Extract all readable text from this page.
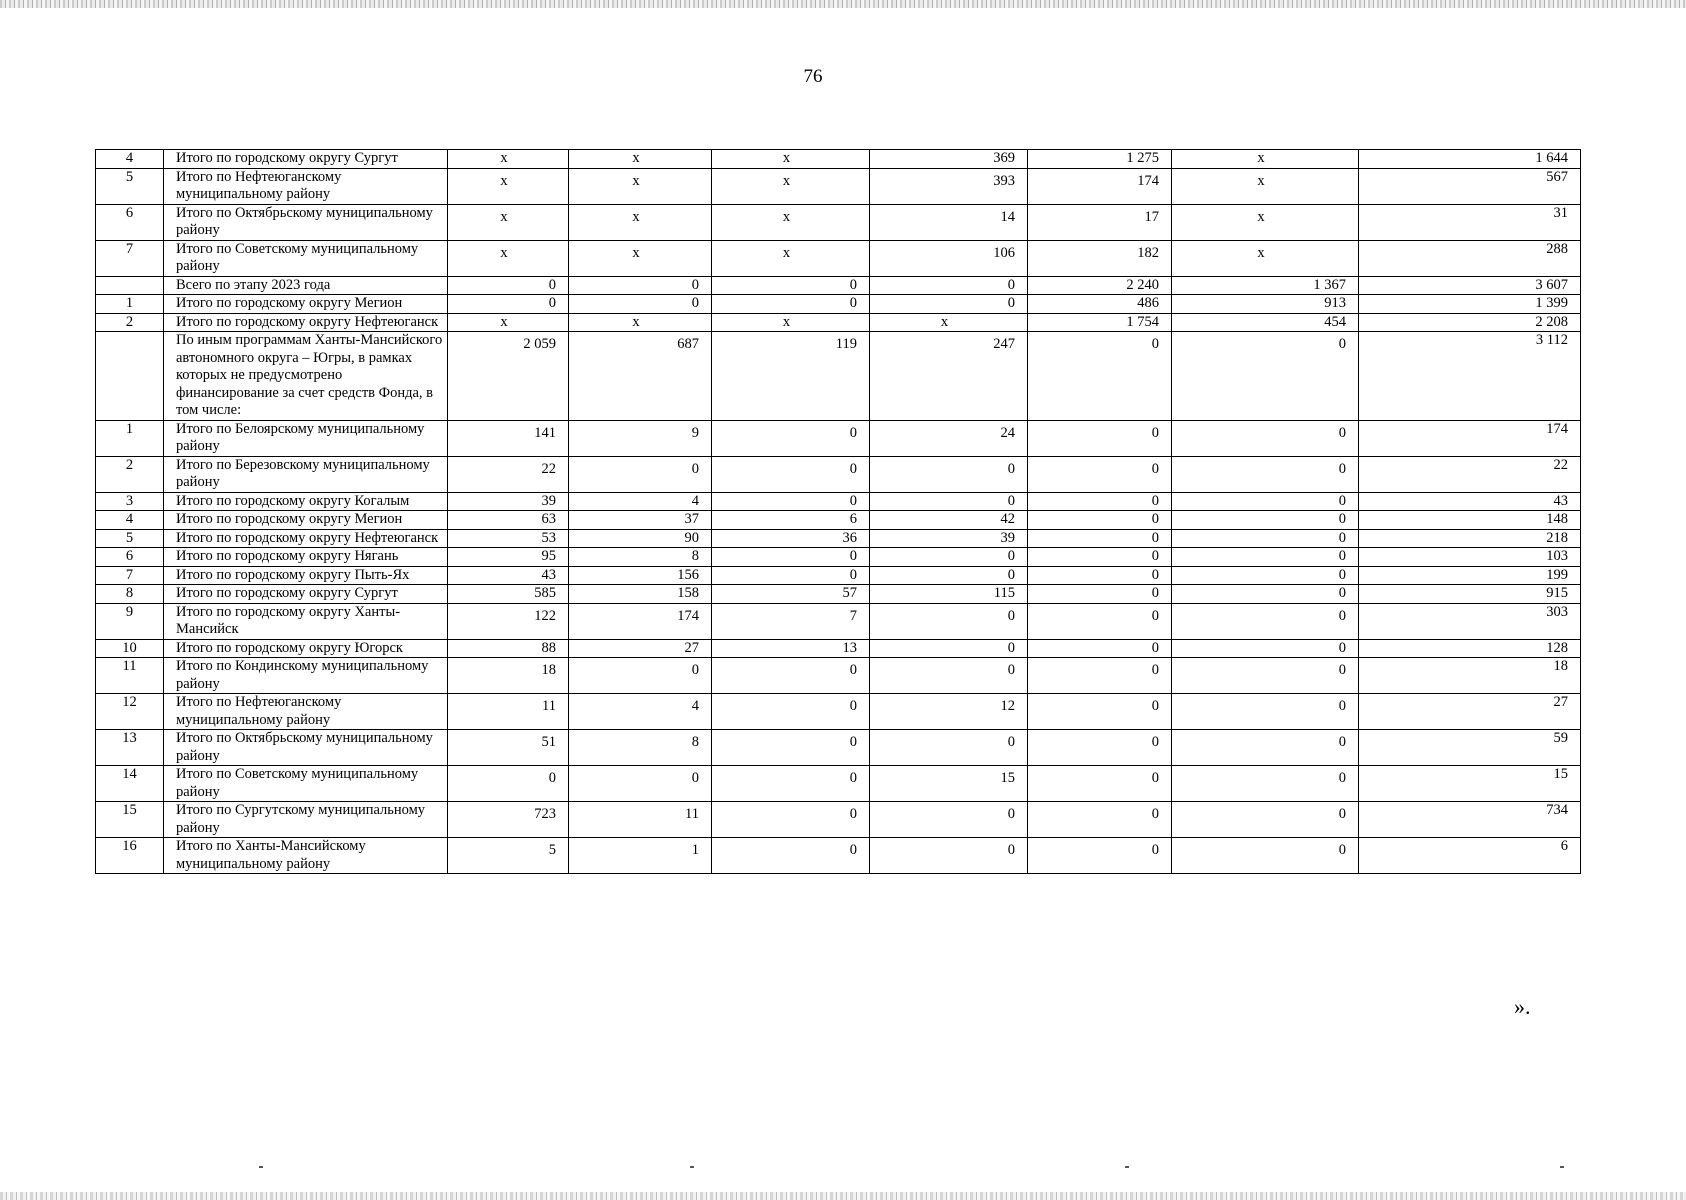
76
4	Итого по городскому округу Сургут	x	x	x	369	1 275	x	1 644
5	Итого по Нефтеюганскому муниципальному району	x	x	x	393	174	x	567
6	Итого по Октябрьскому муниципальному району	x	x	x	14	17	x	31
7	Итого по Советскому муниципальному району	x	x	x	106	182	x	288
	Всего по этапу 2023 года	0	0	0	0	2 240	1 367	3 607
1	Итого по городскому округу Мегион	0	0	0	0	486	913	1 399
2	Итого по городскому округу Нефтеюганск	x	x	x	x	1 754	454	2 208
	По иным программам Ханты-Мансийского автономного округа – Югры, в рамках которых не предусмотрено финансирование за счет средств Фонда, в том числе:	2 059	687	119	247	0	0	3 112
1	Итого по Белоярскому муниципальному району	141	9	0	24	0	0	174
2	Итого по Березовскому муниципальному району	22	0	0	0	0	0	22
3	Итого по городскому округу Когалым	39	4	0	0	0	0	43
4	Итого по городскому округу Мегион	63	37	6	42	0	0	148
5	Итого по городскому округу Нефтеюганск	53	90	36	39	0	0	218
6	Итого по городскому округу Нягань	95	8	0	0	0	0	103
7	Итого по городскому округу Пыть-Ях	43	156	0	0	0	0	199
8	Итого по городскому округу Сургут	585	158	57	115	0	0	915
9	Итого по городскому округу Ханты-Мансийск	122	174	7	0	0	0	303
10	Итого по городскому округу Югорск	88	27	13	0	0	0	128
11	Итого по Кондинскому муниципальному району	18	0	0	0	0	0	18
12	Итого по Нефтеюганскому муниципальному району	11	4	0	12	0	0	27
13	Итого по Октябрьскому муниципальному району	51	8	0	0	0	0	59
14	Итого по Советскому муниципальному району	0	0	0	15	0	0	15
15	Итого по Сургутскому муниципальному району	723	11	0	0	0	0	734
16	Итого по Ханты-Мансийскому муниципальному району	5	1	0	0	0	0	6
».
